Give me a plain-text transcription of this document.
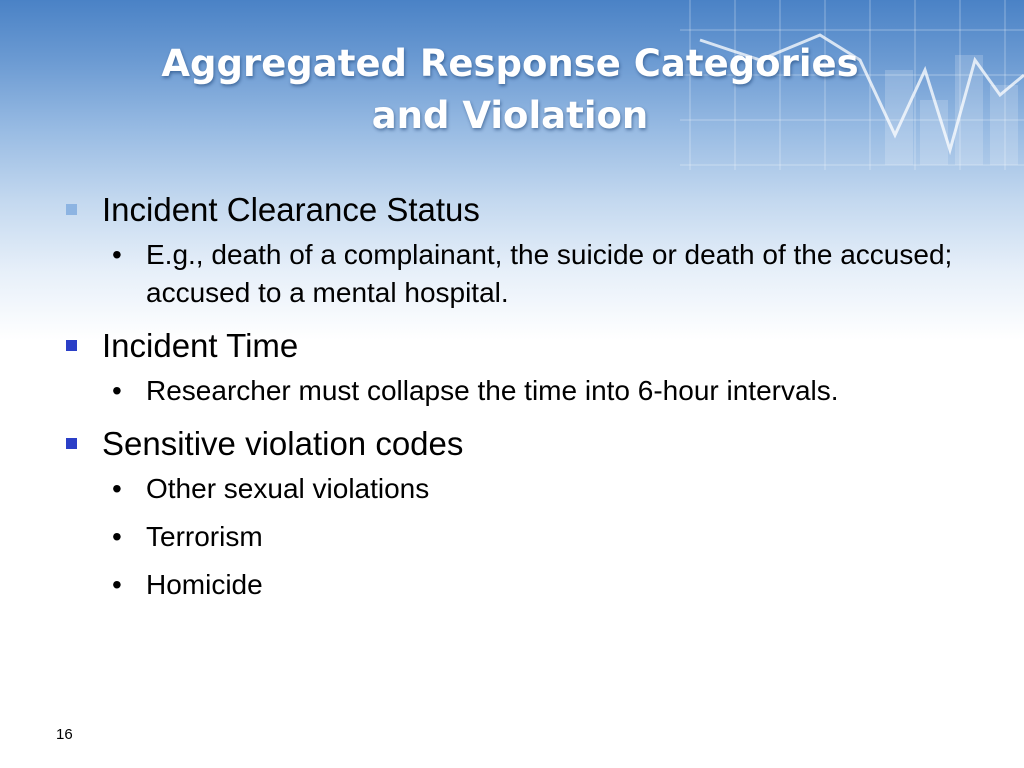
Aggregated Response Categories
and Violation
Incident Clearance Status
• E.g., death of a complainant, the suicide or death of the accused; accused to a mental hospital.
Incident Time
• Researcher must collapse the time into 6-hour intervals.
Sensitive violation codes
• Other sexual violations
• Terrorism
• Homicide
16
